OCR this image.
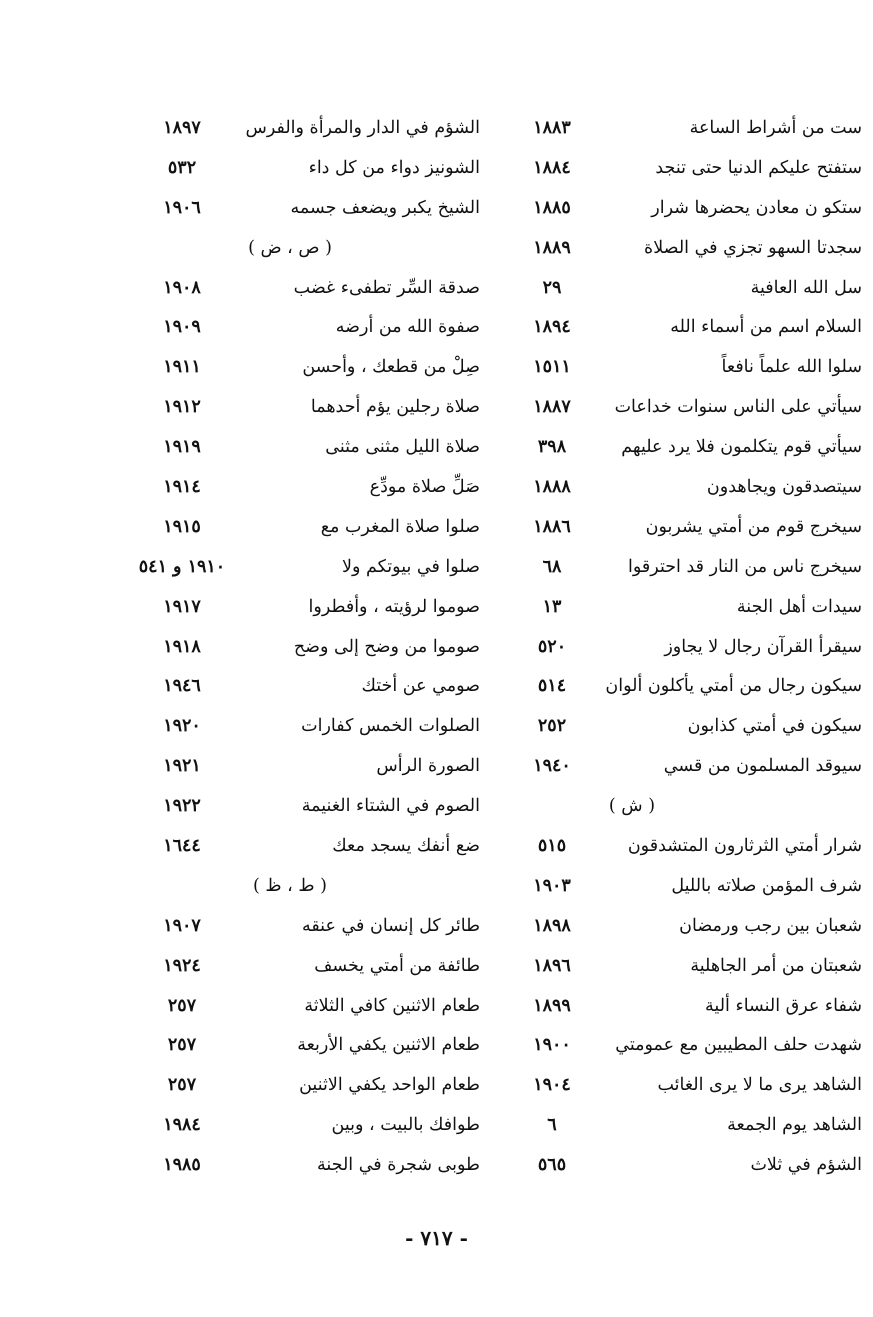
ست من أشراط الساعة
١٨٨٣
ستفتح عليكم الدنيا حتى تنجد
١٨٨٤
ستكو ن معادن يحضرها شرار
١٨٨٥
سجدتا السهو تجزي في الصلاة
١٨٨٩
سل الله العافية
٢٩
السلام اسم من أسماء الله
١٨٩٤
سلوا الله علماً نافعاً
١٥١١
سيأتي على الناس سنوات خداعات
١٨٨٧
سيأتي قوم يتكلمون فلا يرد عليهم
٣٩٨
سيتصدقون ويجاهدون
١٨٨٨
سيخرج قوم من أمتي يشربون
١٨٨٦
سيخرج ناس من النار قد احترقوا
٦٨
سيدات أهل الجنة
١٣
سيقرأ القرآن رجال لا يجاوز
٥٢٠
سيكون رجال من أمتي يأكلون ألوان
٥١٤
سيكون في أمتي كذابون
٢٥٢
سيوقد المسلمون من قسي
١٩٤٠
( ش )
شرار أمتي الثرثارون المتشدقون
٥١٥
شرف المؤمن صلاته بالليل
١٩٠٣
شعبان بين رجب ورمضان
١٨٩٨
شعبتان من أمر الجاهلية
١٨٩٦
شفاء عرق النساء ألية
١٨٩٩
شهدت حلف المطيبين مع عمومتي
١٩٠٠
الشاهد يرى ما لا يرى الغائب
١٩٠٤
الشاهد يوم الجمعة
٦
الشؤم في ثلاث
٥٦٥
الشؤم في الدار والمرأة والفرس
١٨٩٧
الشونيز دواء من كل داء
٥٣٢
الشيخ يكبر ويضعف جسمه
١٩٠٦
( ص ، ض )
صدقة السِّر تطفىء غضب
١٩٠٨
صفوة الله من أرضه
١٩٠٩
صِلْ من قطعك ، وأحسن
١٩١١
صلاة رجلين يؤم أحدهما
١٩١٢
صلاة الليل مثنى مثنى
١٩١٩
صَلِّ صلاة مودِّع
١٩١٤
صلوا صلاة المغرب مع
١٩١٥
صلوا في بيوتكم ولا
١٩١٠ و ٥٤١
صوموا لرؤيته ، وأفطروا
١٩١٧
صوموا من وضح إلى وضح
١٩١٨
صومي عن أختك
١٩٤٦
الصلوات الخمس كفارات
١٩٢٠
الصورة الرأس
١٩٢١
الصوم في الشتاء الغنيمة
١٩٢٢
ضع أنفك يسجد معك
١٦٤٤
( ط ، ظ )
طائر كل إنسان في عنقه
١٩٠٧
طائفة من أمتي يخسف
١٩٢٤
طعام الاثنين كافي الثلاثة
٢٥٧
طعام الاثنين يكفي الأربعة
٢٥٧
طعام الواحد يكفي الاثنين
٢٥٧
طوافك بالبيت ، وبين
١٩٨٤
طوبى شجرة في الجنة
١٩٨٥
- ٧١٧ -
